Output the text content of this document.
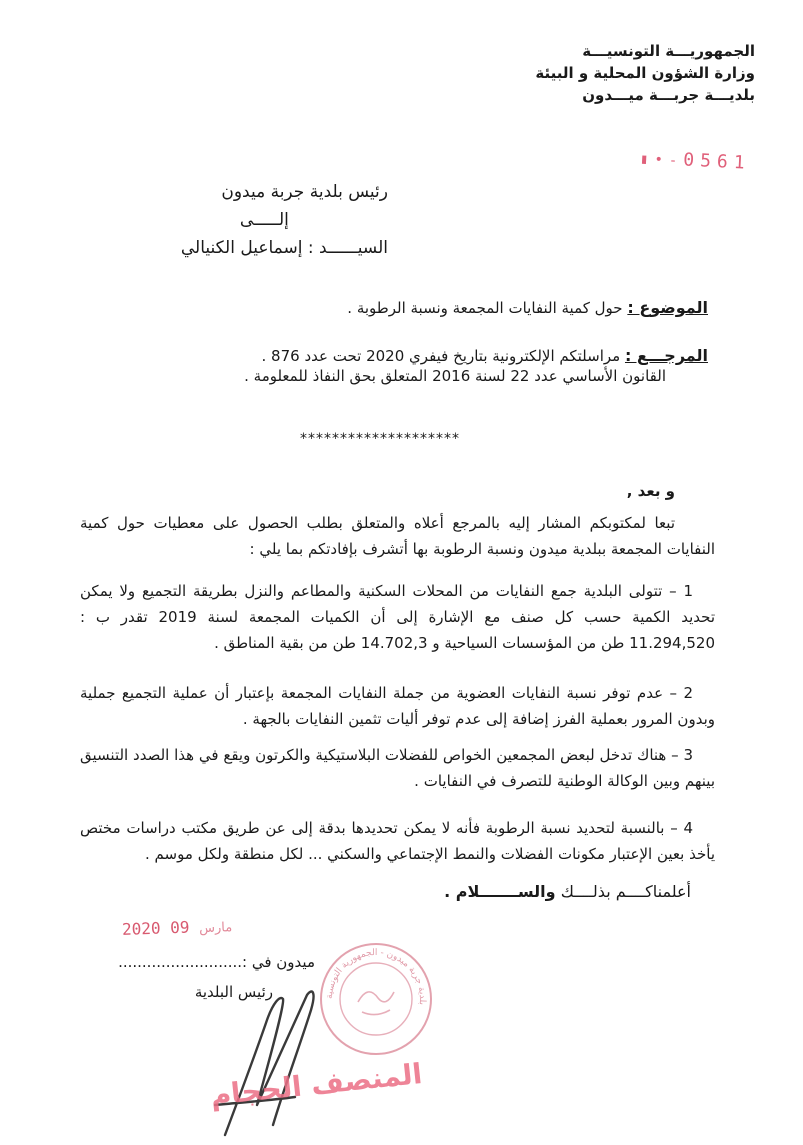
الجمهوريـــة التونسيـــة
وزارة الشؤون المحلية و البيئة
بلديـــة جربـــة ميـــدون
▮•-0561
رئيس بلدية جربة ميدون
إلـــــى
السيــــــد : إسماعيل الكنيالي
الموضوع : حول كمية النفايات المجمعة ونسبة الرطوبة .
المرجـــع : مراسلتكم الإلكترونية بتاريخ فيفري 2020 تحت عدد 876 .
القانون الأساسي عدد 22 لسنة 2016 المتعلق بحق النفاذ للمعلومة .
********************
و بعد ,
تبعا لمكتوبكم المشار إليه بالمرجع أعلاه والمتعلق بطلب الحصول على معطيات حول كمية النفايات المجمعة ببلدية ميدون ونسبة الرطوبة بها أتشرف بإفادتكم بما يلي :
1 – تتولى البلدية جمع النفايات من المحلات السكنية والمطاعم والنزل بطريقة التجميع ولا يمكن تحديد الكمية حسب كل صنف مع الإشارة إلى أن الكميات المجمعة لسنة 2019 تقدر ب : 11.294,520 طن من المؤسسات السياحية و 14.702,3 طن من بقية المناطق .
2 – عدم توفر نسبة النفايات العضوية من جملة النفايات المجمعة بإعتبار أن عملية التجميع جملية وبدون المرور بعملية الفرز إضافة إلى عدم توفر أليات تثمين النفايات بالجهة .
3 – هناك تدخل لبعض المجمعين الخواص للفضلات البلاستيكية والكرتون ويقع في هذا الصدد التنسيق بينهم وبين الوكالة الوطنية للتصرف في النفايات .
4 – بالنسبة لتحديد نسبة الرطوبة فأنه لا يمكن تحديدها بدقة إلى عن طريق مكتب دراسات مختص يأخذ بعين الإعتبار مكونات الفضلات والنمط الإجتماعي والسكني ... لكل منطقة ولكل موسم .
أعلمناكــــم بذلــــك والســـــــلام .
2020	مارس 09
ميدون في :..........................
رئيس البلدية	بلدية جربة ميدون - الجمهورية التونسية
المنصف الحجام
